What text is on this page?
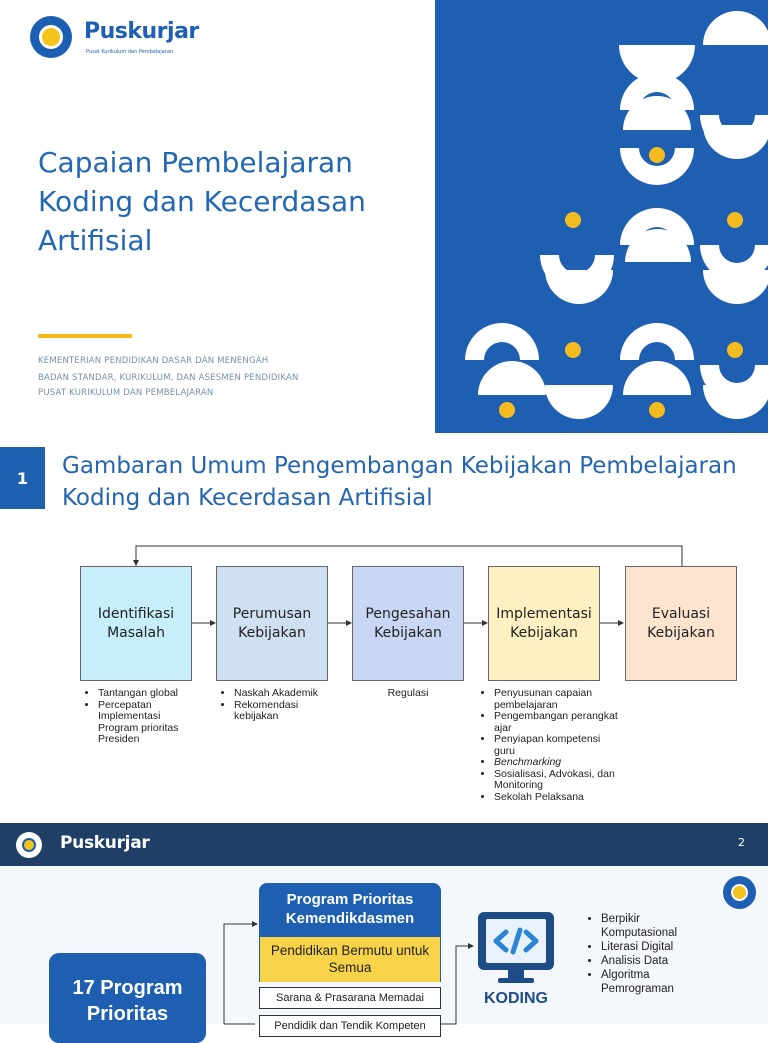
Puskurjar
Pusat Kurikulum dan Pembelajaran
Capaian Pembelajaran Koding dan Kecerdasan Artifisial
KEMENTERIAN PENDIDIKAN DASAR DAN MENENGAH
BADAN STANDAR, KURIKULUM, DAN ASESMEN PENDIDIKAN
PUSAT KURIKULUM DAN PEMBELAJARAN
1	Gambaran Umum Pengembangan Kebijakan Pembelajaran Koding dan Kecerdasan Artifisial
Identifikasi Masalah
Perumusan Kebijakan
Pengesahan Kebijakan
Implementasi Kebijakan
Evaluasi Kebijakan
• Tantangan global
• Percepatan Implementasi Program prioritas Presiden
• Naskah Akademik
• Rekomendasi kebijakan
Regulasi
•	Penyusunan capaian pembelajaran
• Pengembangan perangkat ajar
• Penyiapan kompetensi guru
• Benchmarking
• Sosialisasi, Advokasi, dan Monitoring
• Sekolah Pelaksana
Puskurjar	2
17 Program Prioritas
Program Prioritas Kemendikdasmen
Pendidikan Bermutu untuk Semua
Sarana & Prasarana Memadai
Pendidik dan Tendik Kompeten
KODING
• Berpikir Komputasional
• Literasi Digital
• Analisis Data
• Algoritma Pemrograman
